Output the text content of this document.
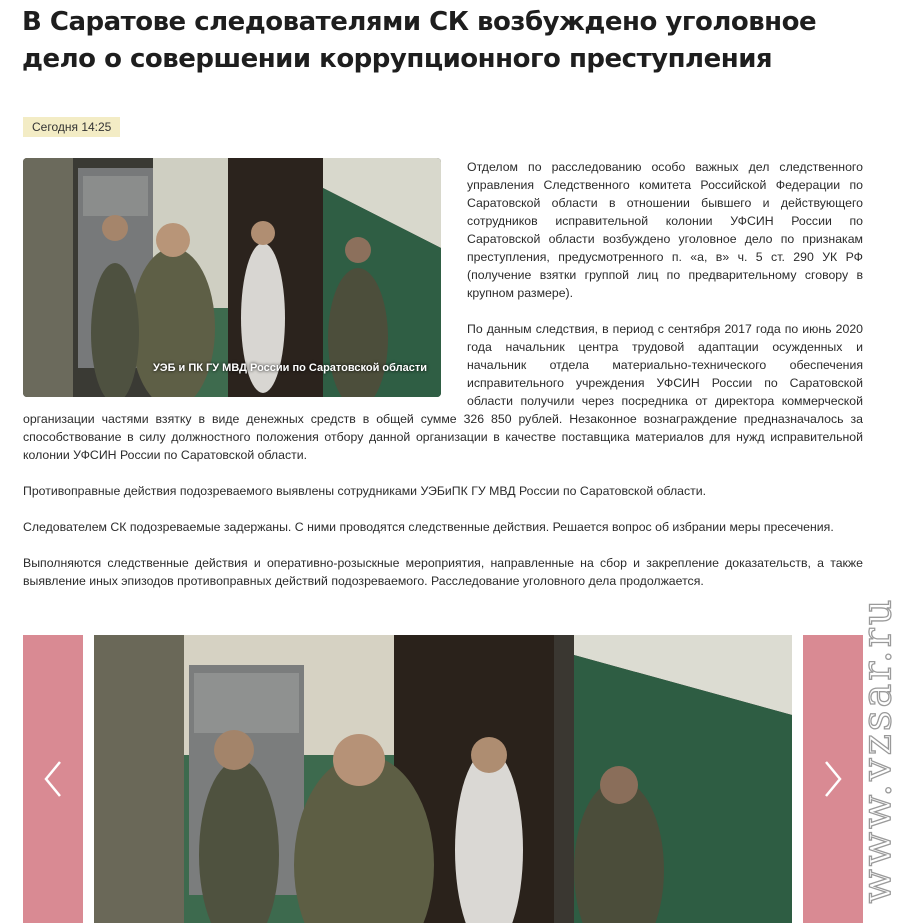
В Саратове следователями СК возбуждено уголовное дело о совершении коррупционного преступления
Сегодня 14:25
УЭБ и ПК ГУ МВД России по Саратовской области

Отделом по расследованию особо важных дел следственного управления Следственного комитета Российской Федерации по Саратовской области в отношении бывшего и действующего сотрудников исправительной колонии УФСИН России по Саратовской области возбуждено уголовное дело по признакам преступления, предусмотренного п. «а, в» ч. 5 ст. 290 УК РФ (получение взятки группой лиц по предварительному сговору в крупном размере).

По данным следствия, в период с сентября 2017 года по июнь 2020 года начальник центра трудовой адаптации осужденных и начальник отдела материально-технического обеспечения исправительного учреждения УФСИН России по Саратовской области получили через посредника от директора коммерческой организации частями взятку в виде денежных средств в общей сумме 326 850 рублей. Незаконное вознаграждение предназначалось за способствование в силу должностного положения отбору данной организации в качестве поставщика материалов для нужд исправительной колонии УФСИН России по Саратовской области.

Противоправные действия подозреваемого выявлены сотрудниками УЭБиПК ГУ МВД России по Саратовской области.

Следователем СК подозреваемые задержаны. С ними проводятся следственные действия. Решается вопрос об избрании меры пресечения.

Выполняются следственные действия и оперативно-розыскные мероприятия, направленные на сбор и закрепление доказательств, а также выявление иных эпизодов противоправных действий подозреваемого. Расследование уголовного дела продолжается.

www.vzsar.ru
